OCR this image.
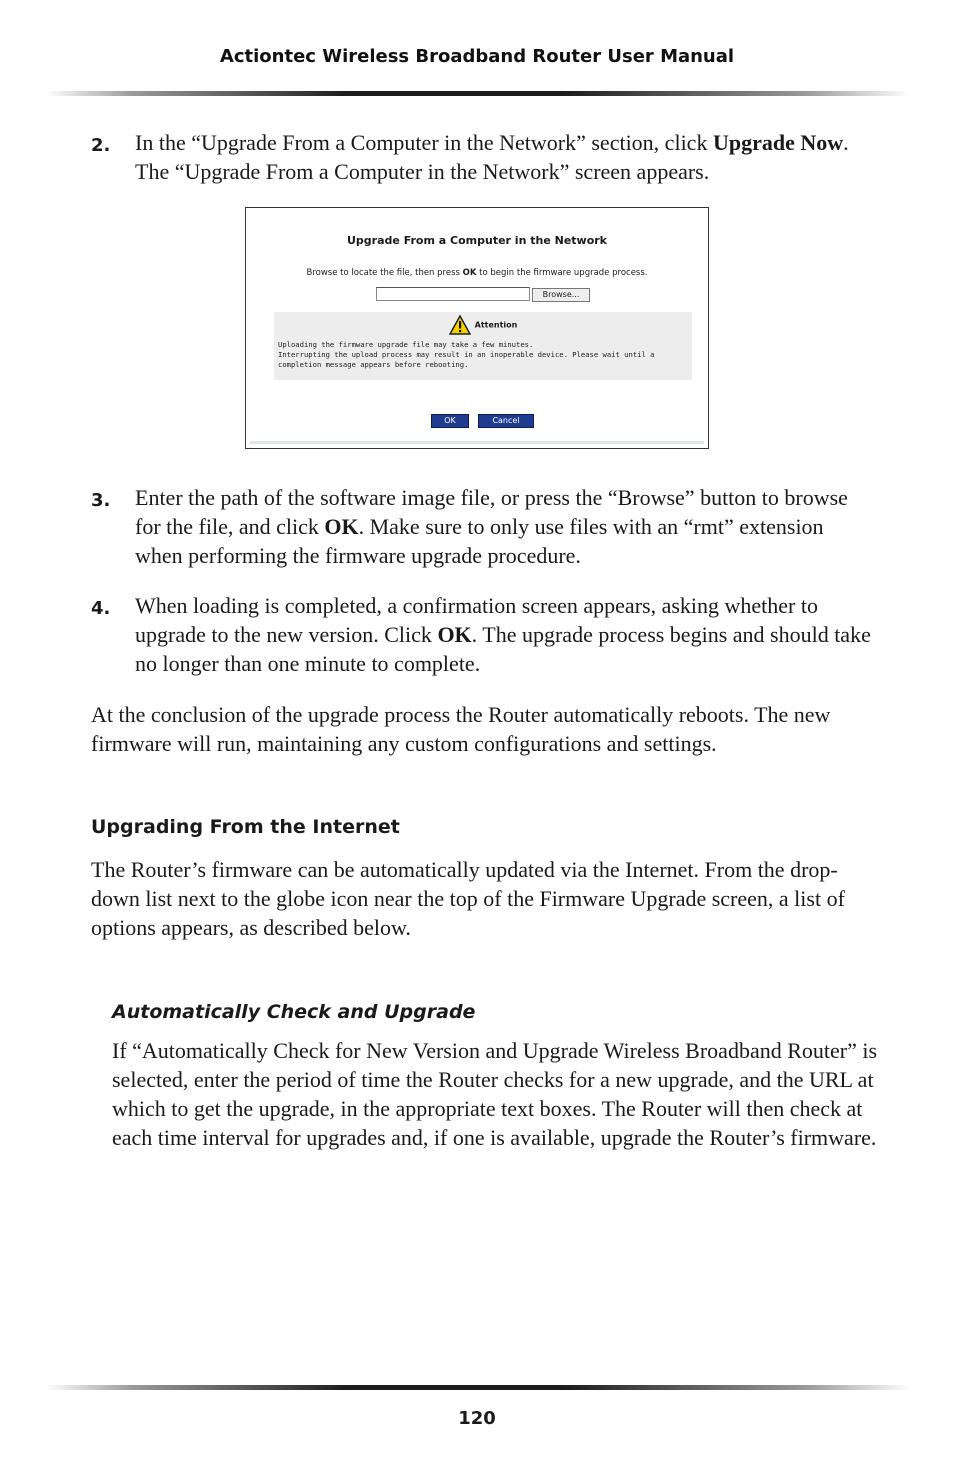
Actiontec Wireless Broadband Router User Manual
2. In the “Upgrade From a Computer in the Network” section, click Upgrade Now. The “Upgrade From a Computer in the Network” screen appears.
Upgrade From a Computer in the Network
Browse to locate the file, then press OK to begin the firmware upgrade process.
Browse...
Attention
Uploading the firmware upgrade file may take a few minutes.
Interrupting the upload process may result in an inoperable device. Please wait until a
completion message appears before rebooting.
OK	Cancel
3. Enter the path of the software image file, or press the “Browse” button to browse for the file, and click OK. Make sure to only use files with an “rmt” extension when performing the firmware upgrade procedure.
4. When loading is completed, a confirmation screen appears, asking whether to upgrade to the new version. Click OK. The upgrade process begins and should take no longer than one minute to complete.
At the conclusion of the upgrade process the Router automatically reboots. The new firmware will run, maintaining any custom configurations and settings.
Upgrading From the Internet
The Router’s firmware can be automatically updated via the Internet. From the drop-down list next to the globe icon near the top of the Firmware Upgrade screen, a list of options appears, as described below.
Automatically Check and Upgrade
If “Automatically Check for New Version and Upgrade Wireless Broadband Router” is selected, enter the period of time the Router checks for a new upgrade, and the URL at which to get the upgrade, in the appropriate text boxes. The Router will then check at each time interval for upgrades and, if one is available, upgrade the Router’s firmware.
120
